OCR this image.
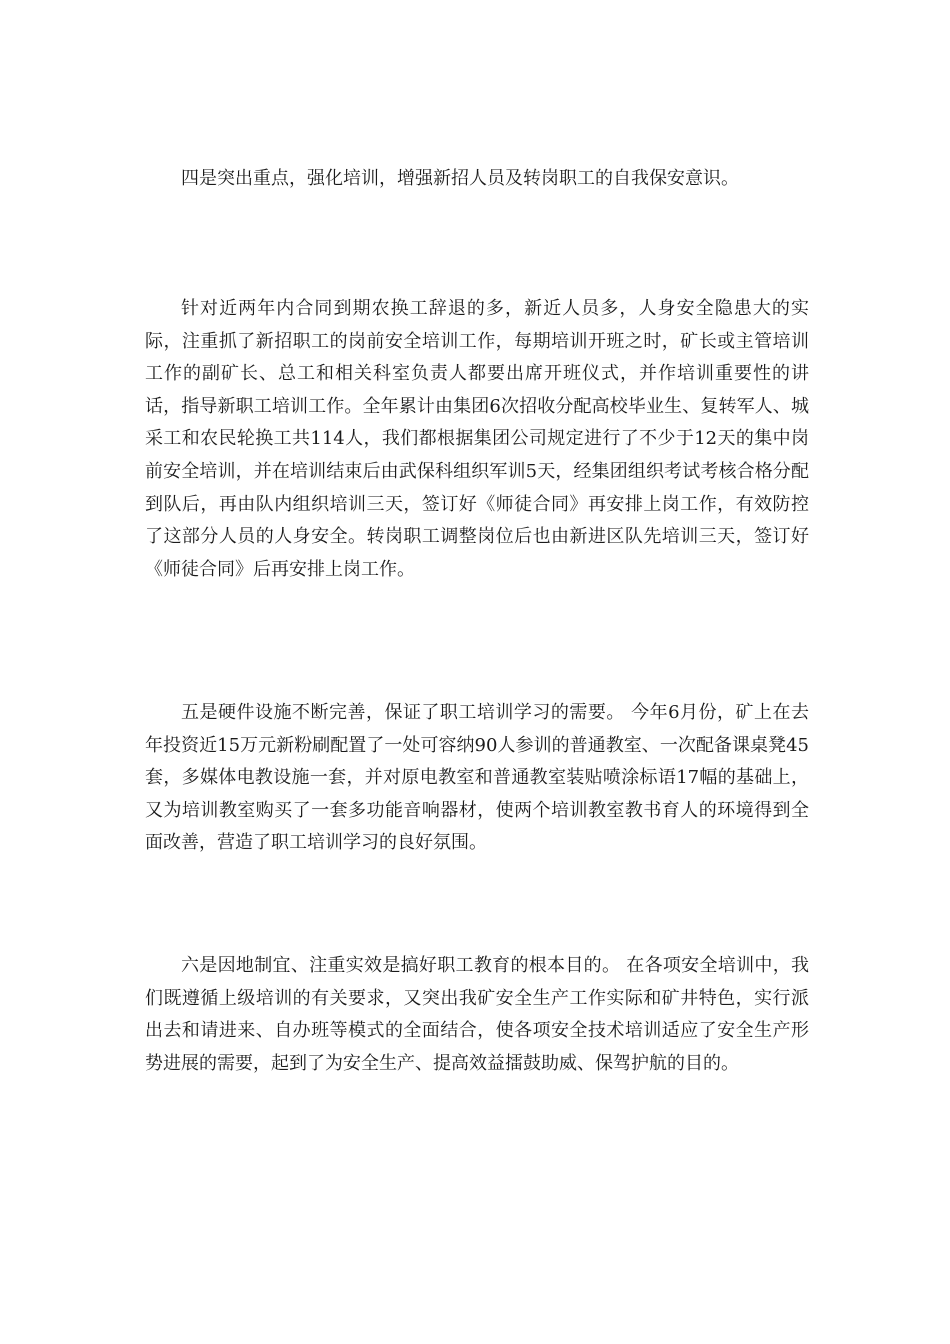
四是突出重点，强化培训，增强新招人员及转岗职工的自我保安意识。

针对近两年内合同到期农换工辞退的多，新近人员多，人身安全隐患大的实际，注重抓了新招职工的岗前安全培训工作，每期培训开班之时，矿长或主管培训工作的副矿长、总工和相关科室负责人都要出席开班仪式，并作培训重要性的讲话，指导新职工培训工作。全年累计由集团6次招收分配高校毕业生、复转军人、城采工和农民轮换工共114人，我们都根据集团公司规定进行了不少于12天的集中岗前安全培训，并在培训结束后由武保科组织军训5天，经集团组织考试考核合格分配到队后，再由队内组织培训三天，签订好《师徒合同》再安排上岗工作，有效防控了这部分人员的人身安全。转岗职工调整岗位后也由新进区队先培训三天，签订好《师徒合同》后再安排上岗工作。

五是硬件设施不断完善，保证了职工培训学习的需要。 今年6月份，矿上在去年投资近15万元新粉刷配置了一处可容纳90人参训的普通教室、一次配备课桌凳45套，多媒体电教设施一套，并对原电教室和普通教室装贴喷涂标语17幅的基础上，又为培训教室购买了一套多功能音响器材，使两个培训教室教书育人的环境得到全面改善，营造了职工培训学习的良好氛围。

六是因地制宜、注重实效是搞好职工教育的根本目的。 在各项安全培训中，我们既遵循上级培训的有关要求，又突出我矿安全生产工作实际和矿井特色，实行派出去和请进来、自办班等模式的全面结合，使各项安全技术培训适应了安全生产形势进展的需要，起到了为安全生产、提高效益擂鼓助威、保驾护航的目的。
